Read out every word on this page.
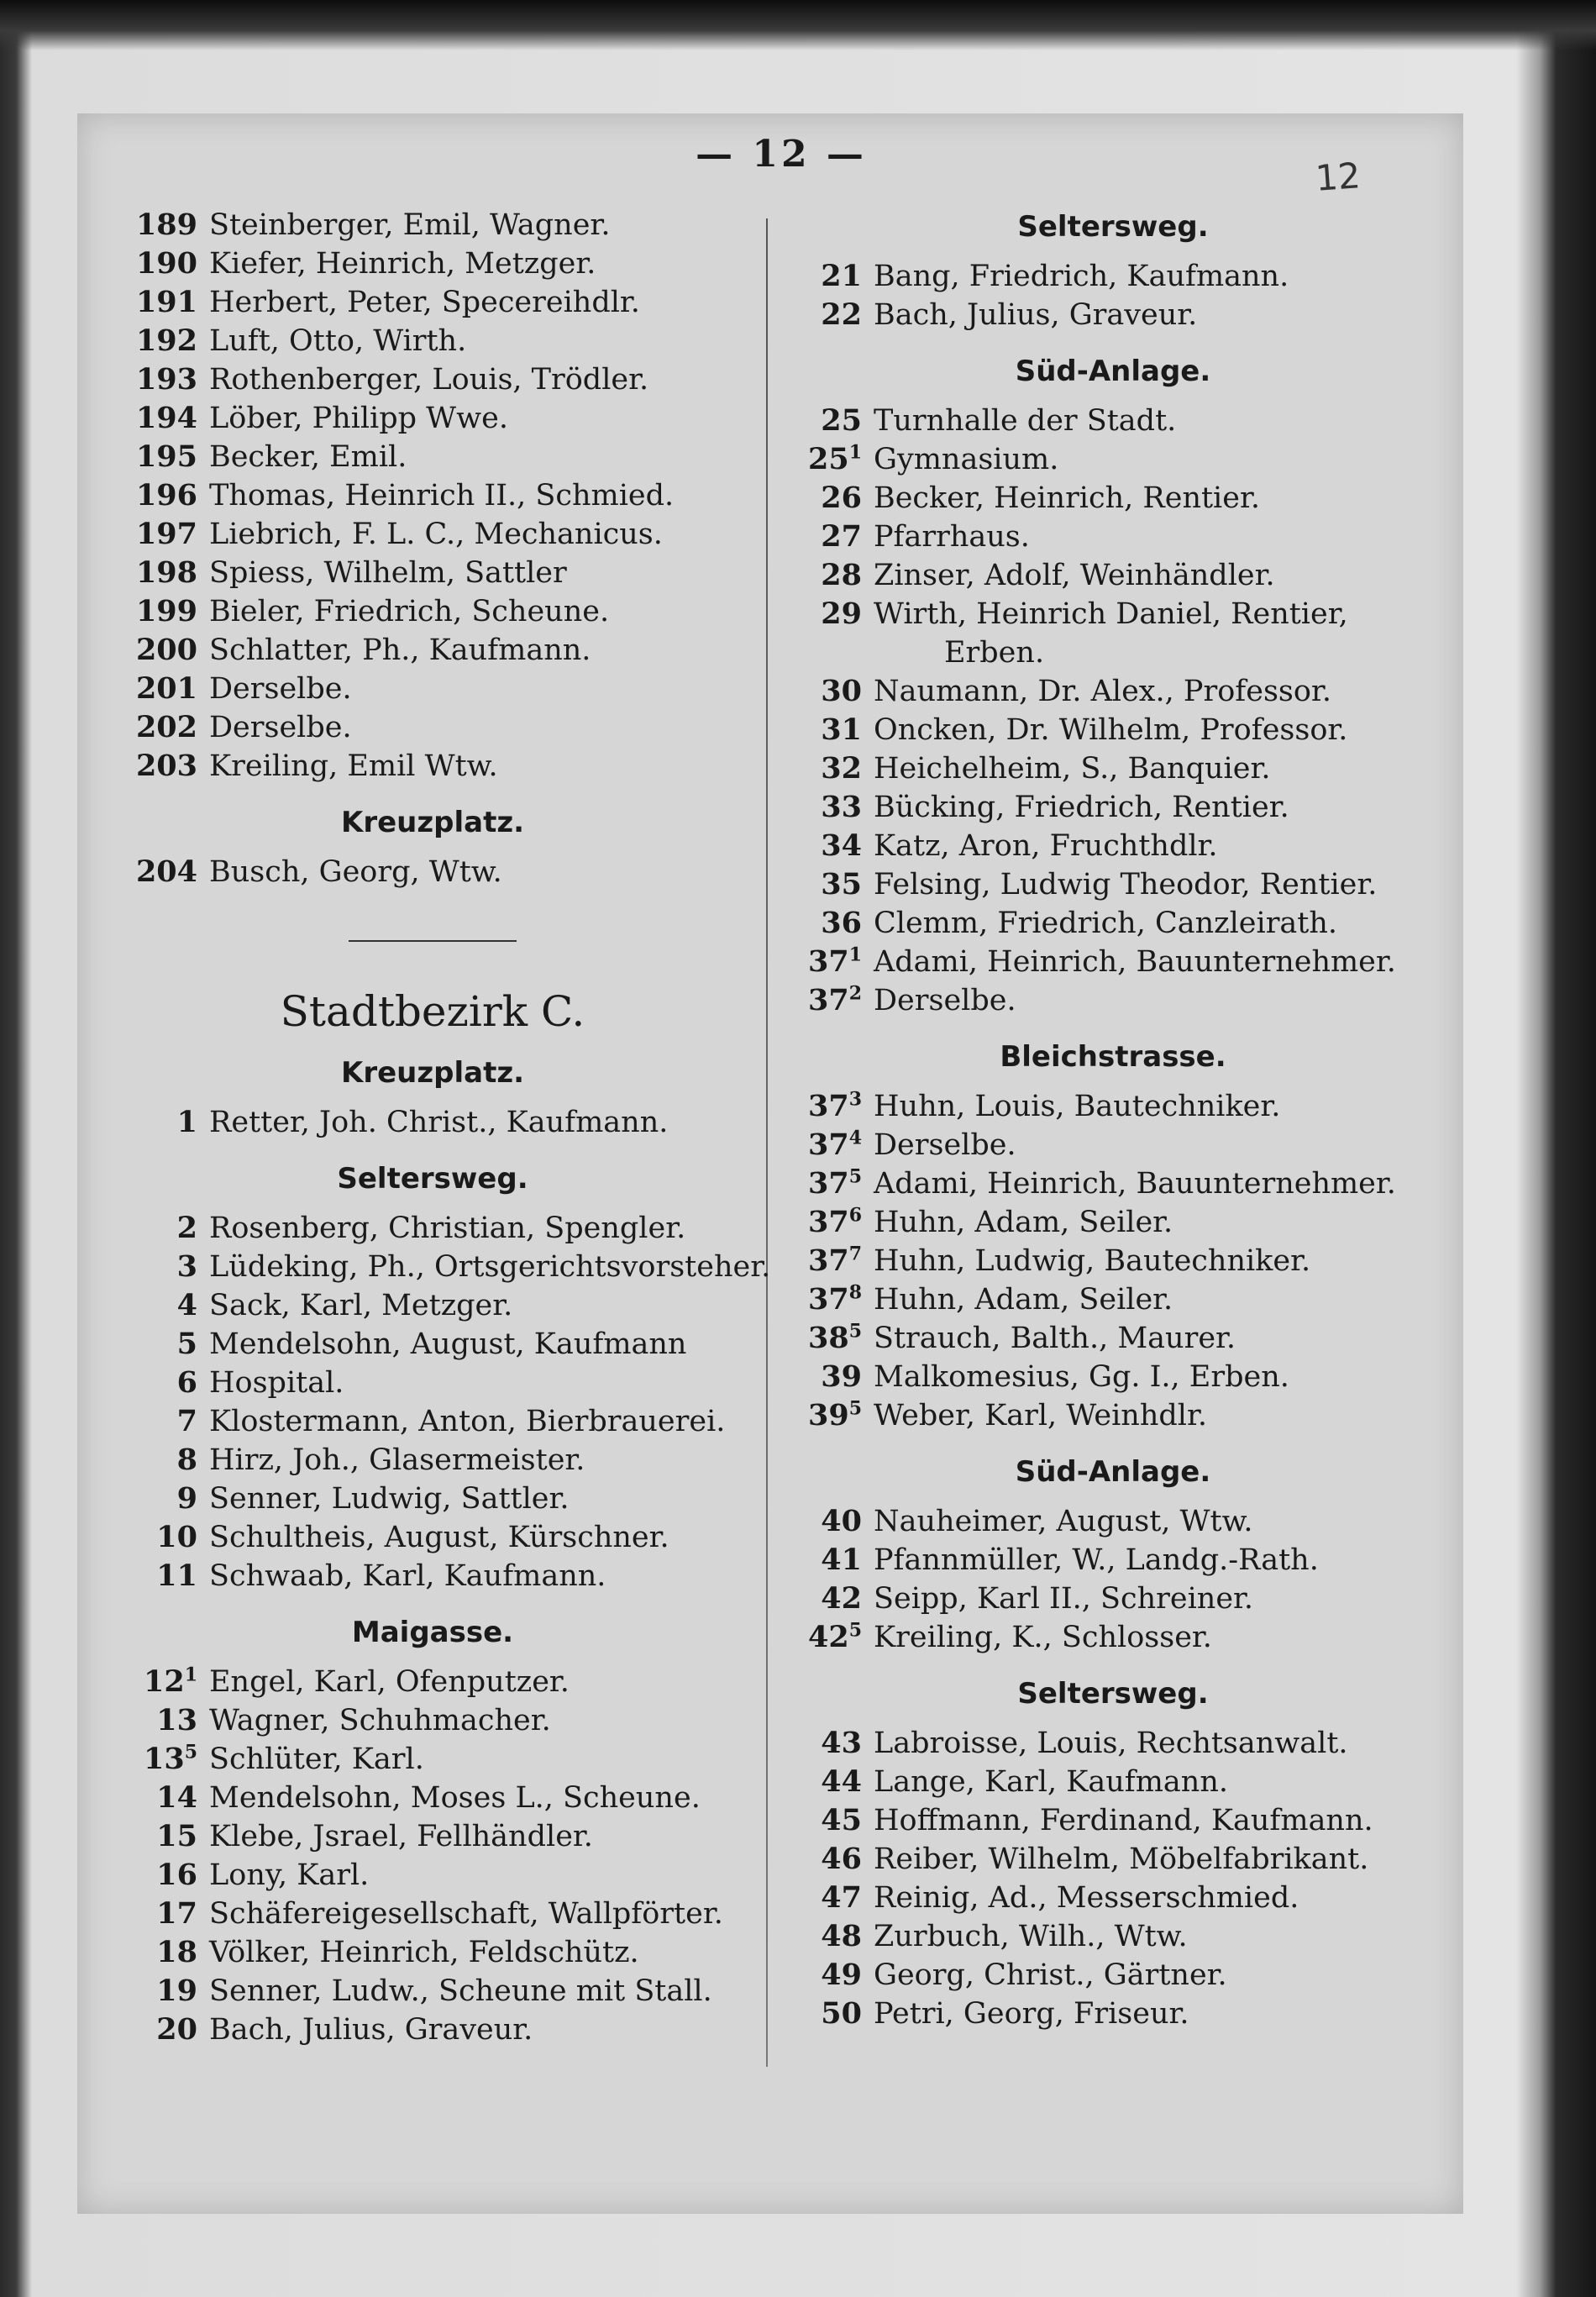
— 12 —
12
189 Steinberger, Emil, Wagner.
190 Kiefer, Heinrich, Metzger.
191 Herbert, Peter, Specereihdlr.
192 Luft, Otto, Wirth.
193 Rothenberger, Louis, Trödler.
194 Löber, Philipp Wwe.
195 Becker, Emil.
196 Thomas, Heinrich II., Schmied.
197 Liebrich, F. L. C., Mechanicus.
198 Spiess, Wilhelm, Sattler
199 Bieler, Friedrich, Scheune.
200 Schlatter, Ph., Kaufmann.
201 Derselbe.
202 Derselbe.
203 Kreiling, Emil Wtw.
Kreuzplatz.
204 Busch, Georg, Wtw.
Stadtbezirk C.
Kreuzplatz.
1 Retter, Joh. Christ., Kaufmann.
Seltersweg.
2 Rosenberg, Christian, Spengler.
3 Lüdeking, Ph., Ortsgerichtsvorsteher.
4 Sack, Karl, Metzger.
5 Mendelsohn, August, Kaufmann
6 Hospital.
7 Klostermann, Anton, Bierbrauerei.
8 Hirz, Joh., Glasermeister.
9 Senner, Ludwig, Sattler.
10 Schultheis, August, Kürschner.
11 Schwaab, Karl, Kaufmann.
Maigasse.
$12^1$ Engel, Karl, Ofenputzer.
13 Wagner, Schuhmacher.
$13^5$ Schlüter, Karl.
14 Mendelsohn, Moses L., Scheune.
15 Klebe, Jsrael, Fellhändler.
16 Lony, Karl.
17 Schäfereigesellschaft, Wallpförter.
18 Völker, Heinrich, Feldschütz.
19 Senner, Ludw., Scheune mit Stall.
20 Bach, Julius, Graveur.
Seltersweg.
21 Bang, Friedrich, Kaufmann.
22 Bach, Julius, Graveur.
Süd-Anlage.
25 Turnhalle der Stadt.
$25^1$ Gymnasium.
26 Becker, Heinrich, Rentier.
27 Pfarrhaus.
28 Zinser, Adolf, Weinhändler.
29 Wirth, Heinrich Daniel, Rentier,
Erben.
30 Naumann, Dr. Alex., Professor.
31 Oncken, Dr. Wilhelm, Professor.
32 Heichelheim, S., Banquier.
33 Bücking, Friedrich, Rentier.
34 Katz, Aron, Fruchthdlr.
35 Felsing, Ludwig Theodor, Rentier.
36 Clemm, Friedrich, Canzleirath.
$37^1$ Adami, Heinrich, Bauunternehmer.
$37^2$ Derselbe.
Bleichstrasse.
$37^3$ Huhn, Louis, Bautechniker.
$37^4$ Derselbe.
$37^5$ Adami, Heinrich, Bauunternehmer.
$37^6$ Huhn, Adam, Seiler.
$37^7$ Huhn, Ludwig, Bautechniker.
$37^8$ Huhn, Adam, Seiler.
$38^5$ Strauch, Balth., Maurer.
39 Malkomesius, Gg. I., Erben.
$39^5$ Weber, Karl, Weinhdlr.
Süd-Anlage.
40 Nauheimer, August, Wtw.
41 Pfannmüller, W., Landg.-Rath.
42 Seipp, Karl II., Schreiner.
$42^5$ Kreiling, K., Schlosser.
Seltersweg.
43 Labroisse, Louis, Rechtsanwalt.
44 Lange, Karl, Kaufmann.
45 Hoffmann, Ferdinand, Kaufmann.
46 Reiber, Wilhelm, Möbelfabrikant.
47 Reinig, Ad., Messerschmied.
48 Zurbuch, Wilh., Wtw.
49 Georg, Christ., Gärtner.
50 Petri, Georg, Friseur.
